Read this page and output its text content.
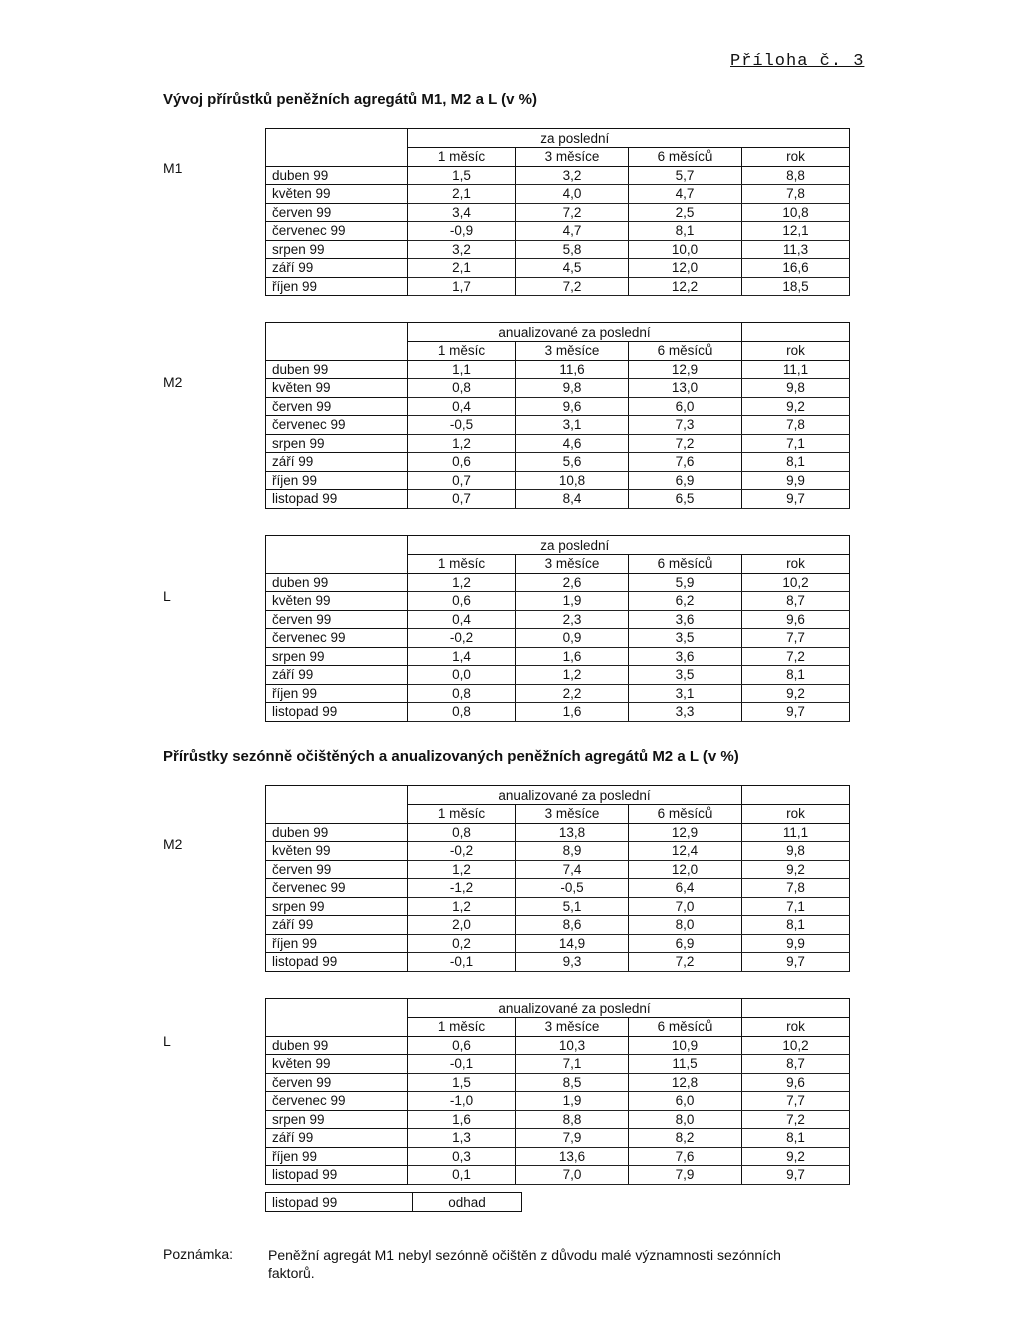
Příloha č. 3
Vývoj přírůstků peněžních agregátů M1, M2 a L (v %)
Přírůstky sezónně očištěných a anualizovaných peněžních agregátů M2 a L (v %)
M1
	za poslední			
	1 měsíc	3 měsíce	6 měsíců	rok
duben 99	1,5	3,2	5,7	8,8
květen 99	2,1	4,0	4,7	7,8
červen 99	3,4	7,2	2,5	10,8
červenec 99	-0,9	4,7	8,1	12,1
srpen 99	3,2	5,8	10,0	11,3
září 99	2,1	4,5	12,0	16,6
říjen 99	1,7	7,2	12,2	18,5
M2
	anualizované za poslední			
	1 měsíc	3 měsíce	6 měsíců	rok
duben 99	1,1	11,6	12,9	11,1
květen 99	0,8	9,8	13,0	9,8
červen 99	0,4	9,6	6,0	9,2
červenec 99	-0,5	3,1	7,3	7,8
srpen 99	1,2	4,6	7,2	7,1
září 99	0,6	5,6	7,6	8,1
říjen 99	0,7	10,8	6,9	9,9
listopad 99	0,7	8,4	6,5	9,7
L
	za poslední			
	1 měsíc	3 měsíce	6 měsíců	rok
duben 99	1,2	2,6	5,9	10,2
květen 99	0,6	1,9	6,2	8,7
červen 99	0,4	2,3	3,6	9,6
červenec 99	-0,2	0,9	3,5	7,7
srpen 99	1,4	1,6	3,6	7,2
září 99	0,0	1,2	3,5	8,1
říjen 99	0,8	2,2	3,1	9,2
listopad 99	0,8	1,6	3,3	9,7
M2
	anualizované za poslední			
	1 měsíc	3 měsíce	6 měsíců	rok
duben 99	0,8	13,8	12,9	11,1
květen 99	-0,2	8,9	12,4	9,8
červen 99	1,2	7,4	12,0	9,2
červenec 99	-1,2	-0,5	6,4	7,8
srpen 99	1,2	5,1	7,0	7,1
září 99	2,0	8,6	8,0	8,1
říjen 99	0,2	14,9	6,9	9,9
listopad 99	-0,1	9,3	7,2	9,7
L
	anualizované za poslední			
	1 měsíc	3 měsíce	6 měsíců	rok
duben 99	0,6	10,3	10,9	10,2
květen 99	-0,1	7,1	11,5	8,7
červen 99	1,5	8,5	12,8	9,6
červenec 99	-1,0	1,9	6,0	7,7
srpen 99	1,6	8,8	8,0	7,2
září 99	1,3	7,9	8,2	8,1
říjen 99	0,3	13,6	7,6	9,2
listopad 99	0,1	7,0	7,9	9,7
listopad 99	odhad
Poznámka: Peněžní agregát M1 nebyl sezónně očištěn z důvodu malé významnosti sezónních faktorů.
